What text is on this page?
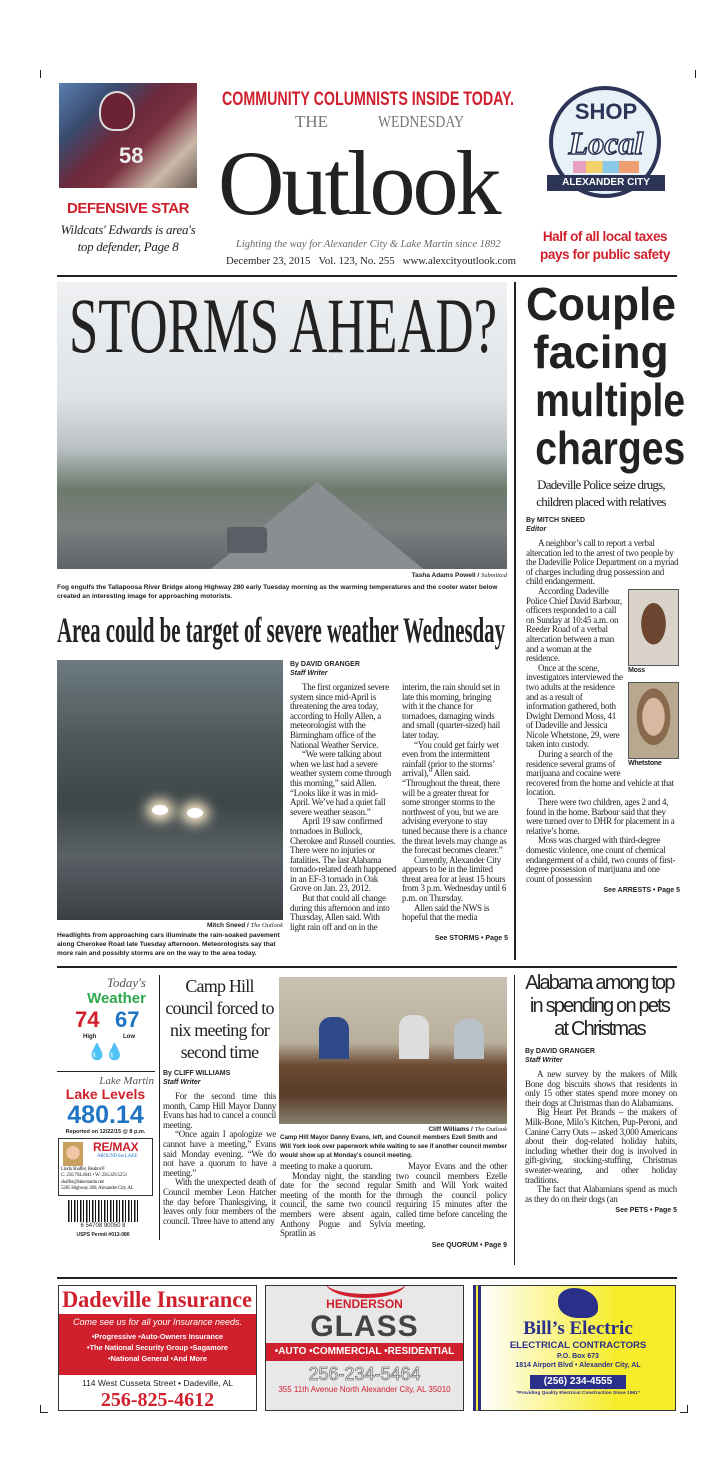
58
DEFENSIVE STAR
Wildcats' Edwards is area's
top defender, Page 8
COMMUNITY COLUMNISTS INSIDE TODAY.
THE	WEDNESDAY
Outlook
Lighting the way for Alexander City & Lake Martin since 1892
December 23, 2015 Vol. 123, No. 255 www.alexcityoutlook.com
SHOP
Local
ALEXANDER CITY
Half of all local taxes
pays for public safety
STORMS AHEAD?
Tasha Adams Powell / Submitted
Fog engulfs the Tallapoosa River Bridge along Highway 280 early Tuesday morning as the warming temperatures and the cooler water below created an interesting image for approaching motorists.
Area could be target of severe weather Wednesday
Mitch Sneed / The Outlook
Headlights from approaching cars illuminate the rain-soaked pavement along Cherokee Road late Tuesday afternoon. Meteorologists say that more rain and possibly storms are on the way to the area today.
By DAVID GRANGER
Staff Writer

The first organized severe system since mid-April is threatening the area today, according to Holly Allen, a meteorologist with the Birmingham office of the National Weather Service.

“We were talking about when we last had a severe weather system come through this morning,” said Allen. “Looks like it was in mid-April. We’ve had a quiet fall severe weather season.”

April 19 saw confirmed tornadoes in Bullock, Cherokee and Russell counties. There were no injuries or fatalities. The last Alabama tornado-related death happened in an EF-3 tornado in Oak Grove on Jan. 23, 2012.

But that could all change during this afternoon and into Thursday, Allen said. With light rain off and on in the interim, the rain should set in late this morning, bringing with it the chance for tornadoes, damaging winds and small (quarter-sized) hail later today.

“You could get fairly wet even from the intermittent rainfall (prior to the storms’ arrival),” Allen said. “Throughout the threat, there will be a greater threat for some stronger storms to the northwest of you, but we are advising everyone to stay tuned because there is a chance the threat levels may change as the forecast becomes clearer.”

Currently, Alexander City appears to be in the limited threat area for at least 15 hours from 3 p.m. Wednesday until 6 p.m. on Thursday.

Allen said the NWS is hopeful that the media

See STORMS • Page 5
Couple
facing
multiple
charges
Dadeville Police seize drugs, children placed with relatives
By MITCH SNEED
Editor

A neighbor’s call to report a verbal altercation led to the arrest of two people by the Dadeville Police Department on a myriad of charges including drug possession and child endangerment.

Moss
Whetstone

According Dadeville Police Chief David Barbour, officers responded to a call on Sunday at 10:45 a.m. on Reeder Road of a verbal altercation between a man and a woman at the residence.

Once at the scene, investigators interviewed the two adults at the residence and as a result of information gathered, both Dwight Demond Moss, 41 of Dadeville and Jessica Nicole Whetstone, 29, were taken into custody.

During a search of the residence several grams of marijuana and cocaine were recovered from the home and vehicle at that location.

There were two children, ages 2 and 4, found in the home. Barbour said that they were turned over to DHR for placement in a relative’s home.

Moss was charged with third-degree domestic violence, one count of chemical endangerment of a child, two counts of first-degree possession of marijuana and one count of possession

See ARRESTS • Page 5
Today's
Weather
74 67
High	Low
💧💧
Lake Martin
Lake Levels
480.14
Reported on 12/22/15 @ 8 p.m.
RE/MAX
AROUND the LAKE
Linda Shaffer, Realtor®
C: 256.794.4641 • W: 256.329.5253
shaffer@lakemartin.net
5285 Highway 280, Alexander City, AL
6 54708 90050 8
USPS Permit #013-080
Camp Hill council forced to nix meeting for second time
By CLIFF WILLIAMS
Staff Writer

For the second time this month, Camp Hill Mayor Danny Evans has had to cancel a council meeting.

“Once again I apologize we cannot have a meeting,” Evans said Monday evening. “We do not have a quorum to have a meeting.”

With the unexpected death of Council member Leon Hatcher the day before Thanksgiving, it leaves only four members of the council. Three have to attend any

Cliff Williams / The Outlook
Camp Hill Mayor Danny Evans, left, and Council members Ezell Smith and Will York look over paperwork while waiting to see if another council member would show up at Monday's council meeting.

meeting to make a quorum.

Monday night, the standing date for the second regular meeting of the month for the council, the same two council members were absent again, Anthony Pogue and Sylvia Spratlin as

Mayor Evans and the other two council members Ezelle Smith and Will York waited through the council policy requiring 15 minutes after the called time before canceling the meeting.

See QUORUM • Page 9
Alabama among top in spending on pets at Christmas
By DAVID GRANGER
Staff Writer

A new survey by the makers of Milk Bone dog biscuits shows that residents in only 15 other states spend more money on their dogs at Christmas than do Alabamians.

Big Heart Pet Brands – the makers of Milk-Bone, Milo’s Kitchen, Pup-Peroni, and Canine Carry Outs -- asked 3,000 Americans about their dog-related holiday habits, including whether their dog is involved in gift-giving, stocking-stuffing, Christmas sweater-wearing, and other holiday traditions.

The fact that Alabamians spend as much as they do on their dogs (an

See PETS • Page 5
Dadeville Insurance
Come see us for all your Insurance needs.
•Progressive •Auto-Owners Insurance
•The National Security Group •Sagamore
•National General •And More
114 West Cusseta Street • Dadeville, AL
256-825-4612
HENDERSON
GLASS
•AUTO •COMMERCIAL •RESIDENTIAL
256-234-5464
355 11th Avenue North Alexander City, AL 35010
Bill’s Electric
ELECTRICAL CONTRACTORS
P.O. Box 673
1814 Airport Blvd • Alexander City, AL
(256) 234-4555
“Providing Quality Electrical Construction Since 1961”
